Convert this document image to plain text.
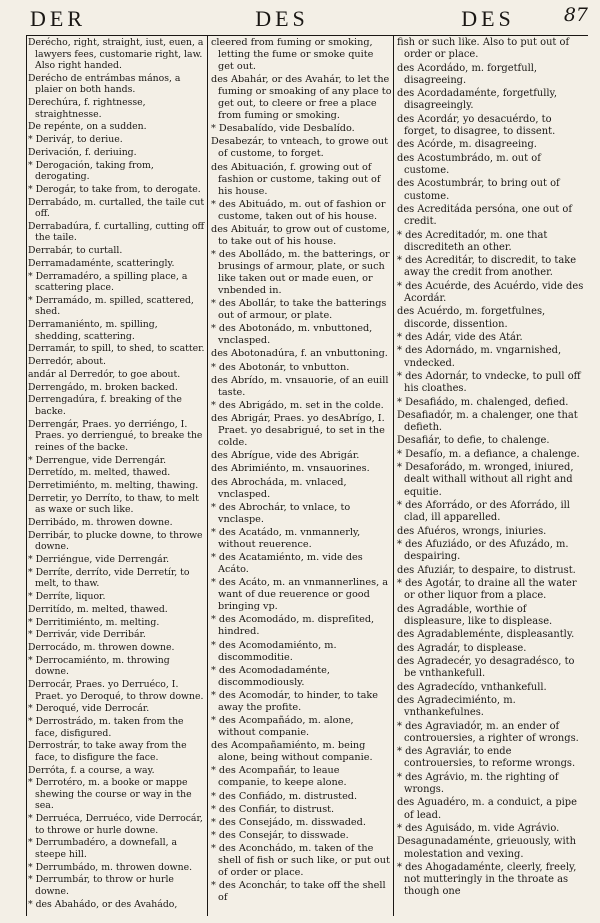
DER	DES	DES	87

Derécho, right, straight, iust, euen, a lawyers fees, customarie right, law. Also right handed.

Derécho de entrámbas mános, a plaier on both hands.

Derechúra, f. rightnesse, straightnesse.

De repénte, on a sudden.

* Deriváɼ, to deriue.

Derivación, f. deriuing.

* Derogación, taking from, derogating.

* Derogár, to take from, to derogate.

Derrabádo, m. curtalled, the taile cut off.

Derrabadúra, f. curtalling, cutting off the taile.

Derrabár, to curtall.

Derramadaménte, scatteringly.

* Derramadéro, a spilling place, a scattering place.

* Derramádo, m. spilled, scattered, shed.

Derramaniénto, m. spilling, shedding, scattering.

Derramár, to spill, to shed, to scatter.

Derredór, about.

andár al Derredór, to goe about.

Derrengádo, m. broken backed.

Derrengadúra, f. breaking of the backe.

Derrengár, Praes. yo derriéngo, I. Praes. yo derriengué, to breake the reines of the backe.

* Derrengue, vide Derrengár.

Derretído, m. melted, thawed.

Derretimiénto, m. melting, thawing.

Derretir, yo Derríto, to thaw, to melt as waxe or such like.

Derribádo, m. throwen downe.

Derribár, to plucke downe, to throwe downe.

* Derriéngue, vide Derrengár.

* Derríte, derríto, vide Derretír, to melt, to thaw.

* Derríte, liquor.

Derritído, m. melted, thawed.

* Derritimiénto, m. melting.

* Derrivár, vide Derribár.

Derrocádo, m. throwen downe.

* Derrocamiénto, m. throwing downe.

Derrocár, Praes. yo Derruéco, I. Praet. yo Deroqué, to throw downe.

* Deroqué, vide Derrocár.

* Derrostrádo, m. taken from the face, disfigured.

Derrostrár, to take away from the face, to disfigure the face.

Derróta, f. a course, a way.

* Derrotéro, m. a booke or mappe shewing the course or way in the sea.

* Derruéca, Derruéco, vide Derrocár, to throwe or hurle downe.

* Derrumbadéro, a downefall, a steepe hill.

* Derrumbádo, m. throwen downe.

* Derrumbár, to throw or hurle downe.

* des Abahádo, or des Avahádo,

cleered from fuming or smoking, letting the fume or smoke quite get out.

des Abahár, or des Avahár, to let the fuming or smoaking of any place to get out, to cleere or free a place from fuming or smoking.

* Desabalído, vide Desbalído.

Desabezár, to vnteach, to growe out of custome, to forget.

des Abituación, f. growing out of fashion or custome, taking out of his house.

* des Abituádo, m. out of fashion or custome, taken out of his house.

des Abituár, to grow out of custome, to take out of his house.

* des Abolládo, m. the batterings, or brusings of armour, plate, or such like taken out or made euen, or vnbended in.

* des Abollár, to take the batterings out of armour, or plate.

* des Abotonádo, m. vnbuttoned, vnclasped.

des Abotonadúra, f. an vnbuttoning.

* des Abotonár, to vnbutton.

des Abrído, m. vnsauorie, of an euill taste.

* des Abrigádo, m. set in the colde.

des Abrigár, Praes. yo desAbrígo, I. Praet. yo desabrigué, to set in the colde.

des Abrígue, vide des Abrigár.

des Abrimiénto, m. vnsauorines.

des Abrocháda, m. vnlaced, vnclasped.

* des Abrochár, to vnlace, to vnclaspe.

* des Acatádo, m. vnmannerly, without reuerence.

* des Acatamiénto, m. vide des Acáto.

* des Acáto, m. an vnmannerlines, a want of due reuerence or good bringing vp.

* des Acomodádo, m. dispreſited, hindred.

* des Acomodamiénto, m. discommoditie.

* des Acomodadaménte, discommodiously.

* des Acomodár, to hinder, to take away the profite.

* des Acompañádo, m. alone, without companie.

des Acompañamiénto, m. being alone, being without companie.

* des Acompañár, to leaue companie, to keepe alone.

* des Confiádo, m. distrusted.

* des Confiár, to distrust.

* des Consejádo, m. disswaded.

* des Consejár, to disswade.

* des Aconchádo, m. taken of the shell of fish or such like, or put out of order or place.

* des Aconchár, to take off the shell of

fish or such like. Also to put out of order or place.

des Acordádo, m. forgetfull, disagreeing.

des Acordadaménte, forgetfully, disagreeingly.

des Acordár, yo desacuérdo, to forget, to disagree, to dissent.

des Acórde, m. disagreeing.

des Acostumbrádo, m. out of custome.

des Acostumbrár, to bring out of custome.

des Acreditáda persóna, one out of credit.

* des Acreditadór, m. one that discrediteth an other.

* des Acreditár, to discredit, to take away the credit from another.

* des Acuérde, des Acuérdo, vide des Acordár.

des Acuérdo, m. forgetfulnes, discorde, dissention.

* des Adár, vide des Atár.

* des Adornádo, m. vngarnished, vndecked.

* des Adornár, to vndecke, to pull off his cloathes.

* Desafiádo, m. chalenged, defied.

Desafiadór, m. a chalenger, one that defieth.

Desafiár, to defie, to chalenge.

* Desafío, m. a defiance, a chalenge.

* Desaforádo, m. wronged, iniured, dealt withall without all right and equitie.

* des Aforrádo, or des Aforrádo, ill clad, ill apparelled.

des Afuéros, wrongs, iniuries.

* des Afuziádo, or des Afuzádo, m. despairing.

des Afuziár, to despaire, to distrust.

* des Agotár, to draine all the water or other liquor from a place.

des Agradáble, worthie of displeasure, like to displease.

des Agradableménte, displeasantly.

des Agradár, to displease.

des Agradecér, yo desagradésco, to be vnthankefull.

des Agradecído, vnthankefull.

des Agradecimiénto, m. vnthankefulnes.

* des Agraviadór, m. an ender of controuersies, a righter of wrongs.

* des Agraviár, to ende controuersies, to reforme wrongs.

* des Agrávio, m. the righting of wrongs.

des Aguadéro, m. a conduict, a pipe of lead.

* des Aguisádo, m. vide Agrávio.

Desagunadaménte, grieuously, with molestation and vexing.

* des Ahogadaménte, cleerly, freely, not mutteringly in the throate as though one
